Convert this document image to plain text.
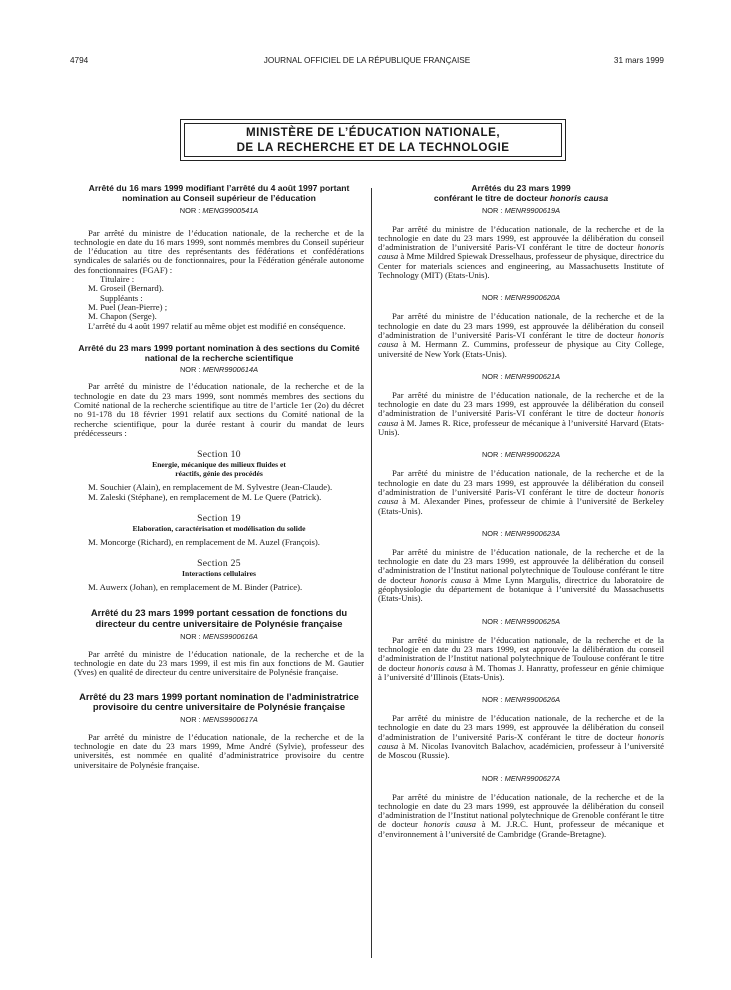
4794	JOURNAL OFFICIEL DE LA RÉPUBLIQUE FRANÇAISE	31 mars 1999
MINISTÈRE DE L’ÉDUCATION NATIONALE,
DE LA RECHERCHE ET DE LA TECHNOLOGIE
Arrêté du 16 mars 1999 modifiant l’arrêté du 4 août 1997 portant nomination au Conseil supérieur de l’éducation
NOR : MENG9900541A

Par arrêté du ministre de l’éducation nationale, de la recherche et de la technologie en date du 16 mars 1999, sont nommés membres du Conseil supérieur de l’éducation au titre des représentants des fédérations et confédérations syndicales de salariés ou de fonctionnaires, pour la Fédération générale autonome des fonctionnaires (FGAF) :

Titulaire :

M. Groseil (Bernard).

Suppléants :

M. Puel (Jean-Pierre) ;

M. Chapon (Serge).

L’arrêté du 4 août 1997 relatif au même objet est modifié en conséquence.

Arrêté du 23 mars 1999 portant nomination à des sections du Comité national de la recherche scientifique
NOR : MENR9900614A

Par arrêté du ministre de l’éducation nationale, de la recherche et de la technologie en date du 23 mars 1999, sont nommés membres des sections du Comité national de la recherche scientifique au titre de l’article 1er (2o) du décret no 91-178 du 18 février 1991 relatif aux sections du Comité national de la recherche scientifique, pour la durée restant à courir du mandat de leurs prédécesseurs :

Section 10
Energie, mécanique des milieux fluides et réactifs, génie des procédés

M. Souchier (Alain), en remplacement de M. Sylvestre (Jean-Claude).

M. Zaleski (Stéphane), en remplacement de M. Le Quere (Patrick).

Section 19
Elaboration, caractérisation et modélisation du solide

M. Moncorge (Richard), en remplacement de M. Auzel (François).

Section 25
Interactions cellulaires

M. Auwerx (Johan), en remplacement de M. Binder (Patrice).

Arrêté du 23 mars 1999 portant cessation de fonctions du directeur du centre universitaire de Polynésie française
NOR : MENS9900616A

Par arrêté du ministre de l’éducation nationale, de la recherche et de la technologie en date du 23 mars 1999, il est mis fin aux fonctions de M. Gautier (Yves) en qualité de directeur du centre universitaire de Polynésie française.

Arrêté du 23 mars 1999 portant nomination de l’administratrice provisoire du centre universitaire de Polynésie française
NOR : MENS9900617A

Par arrêté du ministre de l’éducation nationale, de la recherche et de la technologie en date du 23 mars 1999, Mme André (Sylvie), professeur des universités, est nommée en qualité d’administratrice provisoire du centre universitaire de Polynésie française.

Arrêtés du 23 mars 1999
conférant le titre de docteur honoris causa
NOR : MENR9900619A

Par arrêté du ministre de l’éducation nationale, de la recherche et de la technologie en date du 23 mars 1999, est approuvée la délibération du conseil d’administration de l’université Paris-VI conférant le titre de docteur honoris causa à Mme Mildred Spiewak Dresselhaus, professeur de physique, directrice du Center for materials sciences and engineering, au Massachusetts Institute of Technology (MIT) (Etats-Unis).

NOR : MENR9900620A

Par arrêté du ministre de l’éducation nationale, de la recherche et de la technologie en date du 23 mars 1999, est approuvée la délibération du conseil d’administration de l’université Paris-VI conférant le titre de docteur honoris causa à M. Hermann Z. Cummins, professeur de physique au City College, université de New York (Etats-Unis).

NOR : MENR9900621A

Par arrêté du ministre de l’éducation nationale, de la recherche et de la technologie en date du 23 mars 1999, est approuvée la délibération du conseil d’administration de l’université Paris-VI conférant le titre de docteur honoris causa à M. James R. Rice, professeur de mécanique à l’université Harvard (Etats-Unis).

NOR : MENR9900622A

Par arrêté du ministre de l’éducation nationale, de la recherche et de la technologie en date du 23 mars 1999, est approuvée la délibération du conseil d’administration de l’université Paris-VI conférant le titre de docteur honoris causa à M. Alexander Pines, professeur de chimie à l’université de Berkeley (Etats-Unis).

NOR : MENR9900623A

Par arrêté du ministre de l’éducation nationale, de la recherche et de la technologie en date du 23 mars 1999, est approuvée la délibération du conseil d’administration de l’Institut national polytechnique de Toulouse conférant le titre de docteur honoris causa à Mme Lynn Margulis, directrice du laboratoire de géophysiologie du département de botanique à l’université du Massachusetts (Etats-Unis).

NOR : MENR9900625A

Par arrêté du ministre de l’éducation nationale, de la recherche et de la technologie en date du 23 mars 1999, est approuvée la délibération du conseil d’administration de l’Institut national polytechnique de Toulouse conférant le titre de docteur honoris causa à M. Thomas J. Hanratty, professeur en génie chimique à l’université d’Illinois (Etats-Unis).

NOR : MENR9900626A

Par arrêté du ministre de l’éducation nationale, de la recherche et de la technologie en date du 23 mars 1999, est approuvée la délibération du conseil d’administration de l’université Paris-X conférant le titre de docteur honoris causa à M. Nicolas Ivanovitch Balachov, académicien, professeur à l’université de Moscou (Russie).

NOR : MENR9900627A

Par arrêté du ministre de l’éducation nationale, de la recherche et de la technologie en date du 23 mars 1999, est approuvée la délibération du conseil d’administration de l’Institut national polytechnique de Grenoble conférant le titre de docteur honoris causa à M. J.R.C. Hunt, professeur de mécanique et d’environnement à l’université de Cambridge (Grande-Bretagne).
